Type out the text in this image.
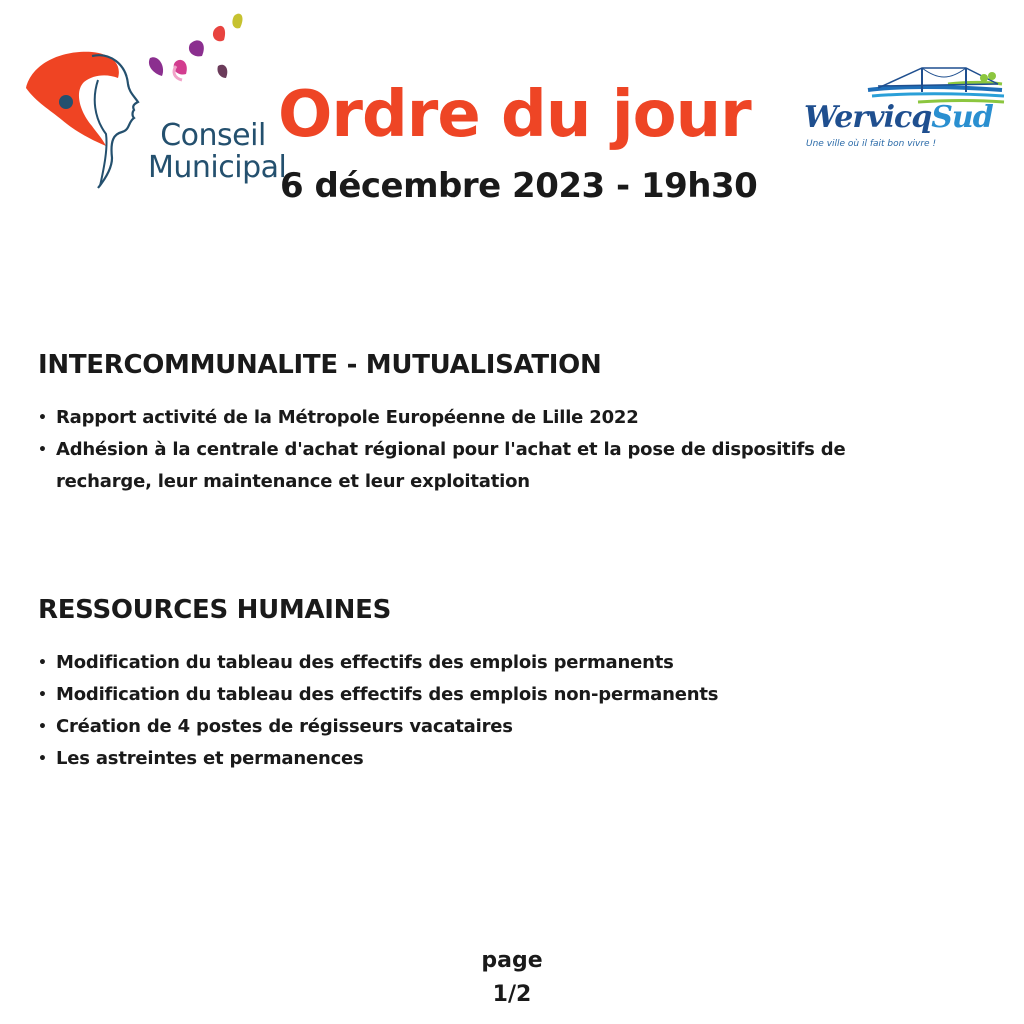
Conseil
Municipal
Ordre du jour

6 décembre 2023 - 19h30

WervicqSud
Une ville où il fait bon vivre !
INTERCOMMUNALITE - MUTUALISATION
• Rapport activité de la Métropole Européenne de Lille 2022
• Adhésion à la centrale d'achat régional pour l'achat et la pose de dispositifs de recharge, leur maintenance et leur exploitation
RESSOURCES HUMAINES
• Modification du tableau des effectifs des emplois permanents
• Modification du tableau des effectifs des emplois non-permanents
• Création de 4 postes de régisseurs vacataires
• Les astreintes et permanences
page
1/2
